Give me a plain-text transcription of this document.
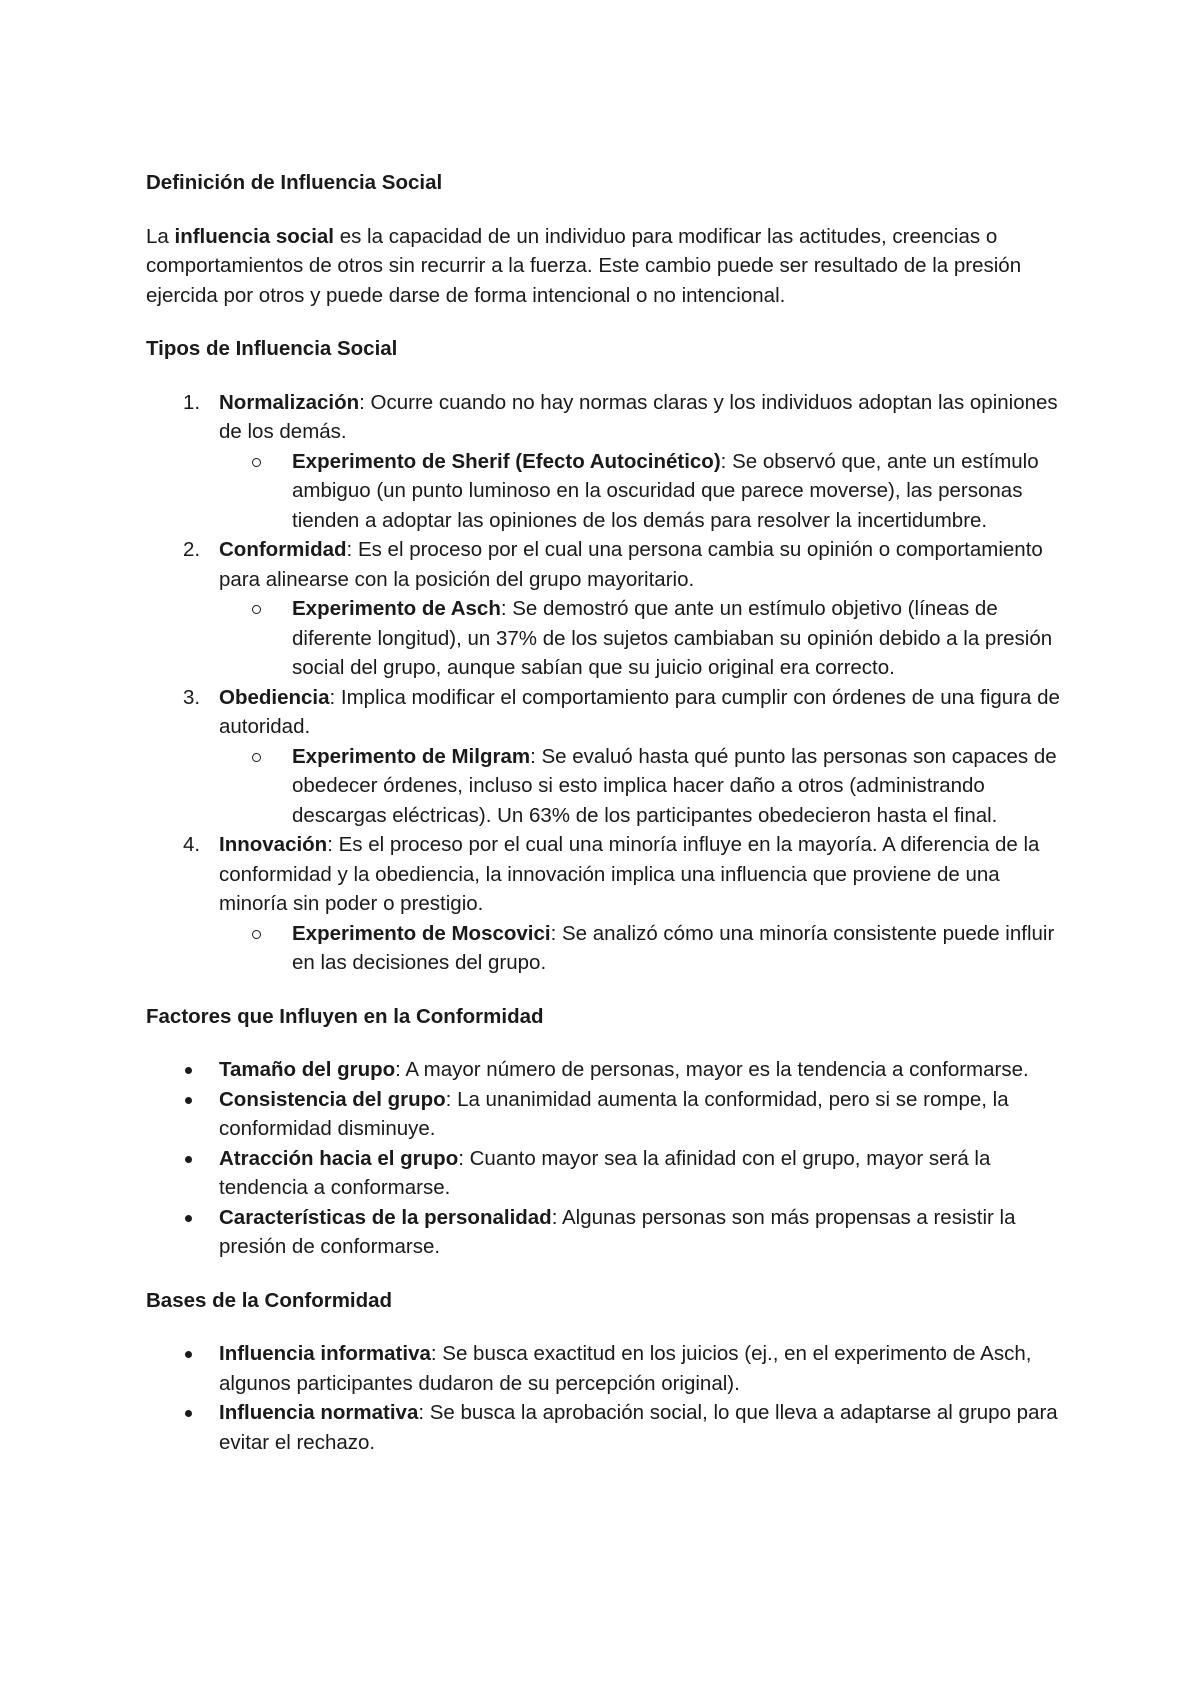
Definición de Influencia Social

La influencia social es la capacidad de un individuo para modificar las actitudes, creencias o comportamientos de otros sin recurrir a la fuerza. Este cambio puede ser resultado de la presión ejercida por otros y puede darse de forma intencional o no intencional.

Tipos de Influencia Social
1. Normalización: Ocurre cuando no hay normas claras y los individuos adoptan las opiniones de los demás.
Experimento de Sherif (Efecto Autocinético): Se observó que, ante un estímulo ambiguo (un punto luminoso en la oscuridad que parece moverse), las personas tienden a adoptar las opiniones de los demás para resolver la incertidumbre.
2. Conformidad: Es el proceso por el cual una persona cambia su opinión o comportamiento para alinearse con la posición del grupo mayoritario.
Experimento de Asch: Se demostró que ante un estímulo objetivo (líneas de diferente longitud), un 37% de los sujetos cambiaban su opinión debido a la presión social del grupo, aunque sabían que su juicio original era correcto.
3. Obediencia: Implica modificar el comportamiento para cumplir con órdenes de una figura de autoridad.
Experimento de Milgram: Se evaluó hasta qué punto las personas son capaces de obedecer órdenes, incluso si esto implica hacer daño a otros (administrando descargas eléctricas). Un 63% de los participantes obedecieron hasta el final.
4. Innovación: Es el proceso por el cual una minoría influye en la mayoría. A diferencia de la conformidad y la obediencia, la innovación implica una influencia que proviene de una minoría sin poder o prestigio.
Experimento de Moscovici: Se analizó cómo una minoría consistente puede influir en las decisiones del grupo.
Factores que Influyen en la Conformidad
Tamaño del grupo: A mayor número de personas, mayor es la tendencia a conformarse.
Consistencia del grupo: La unanimidad aumenta la conformidad, pero si se rompe, la conformidad disminuye.
Atracción hacia el grupo: Cuanto mayor sea la afinidad con el grupo, mayor será la tendencia a conformarse.
Características de la personalidad: Algunas personas son más propensas a resistir la presión de conformarse.
Bases de la Conformidad
Influencia informativa: Se busca exactitud en los juicios (ej., en el experimento de Asch, algunos participantes dudaron de su percepción original).
Influencia normativa: Se busca la aprobación social, lo que lleva a adaptarse al grupo para evitar el rechazo.
